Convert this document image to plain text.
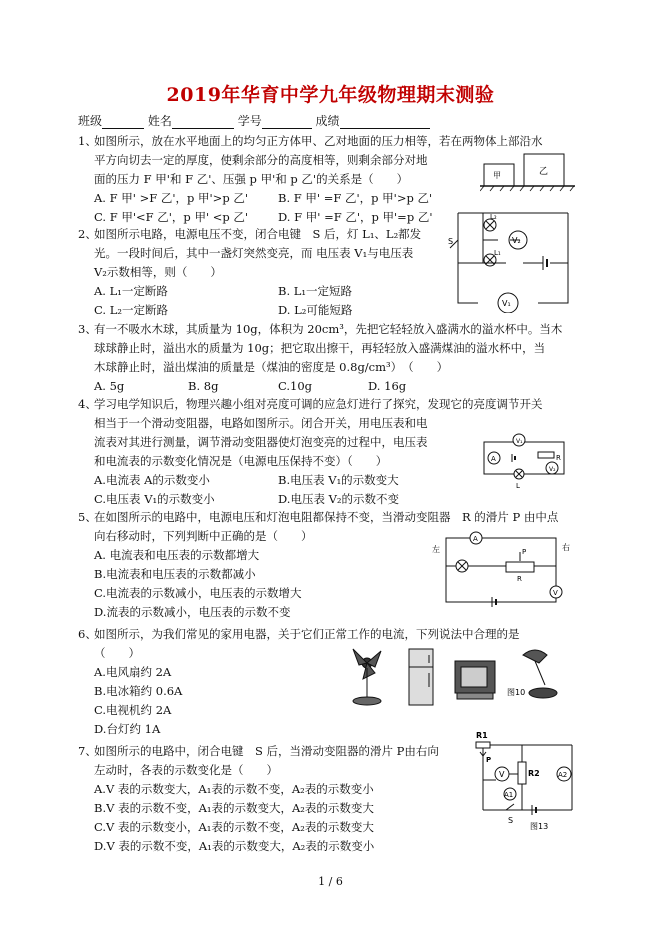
2019年华育中学九年级物理期末测验
班级	姓名	学号	成绩
1、
如图所示，放在水平地面上的均匀正方体甲、乙对地面的压力相等，若在两物体上部沿水
平方向切去一定的厚度，使剩余部分的高度相等，则剩余部分对地
面的压力 F 甲'和 F 乙'、压强 p 甲'和 p 乙'的关系是（　　）
A. F 甲' >F 乙'，p 甲'>p 乙'	B. F 甲' =F 乙'，p 甲'>p 乙'
C. F 甲'<F 乙'，p 甲' <p 乙'	D. F 甲' =F 乙'，p 甲'=p 乙'
甲	乙
2、
如图所示电路，电源电压不变，闭合电键　S 后，灯 L₁、L₂都发
光。一段时间后，其中一盏灯突然变亮，而 电压表 V₁与电压表
V₂示数相等，则（　　）
A. L₁一定断路	B. L₁一定短路
C. L₂一定断路	D. L₂可能短路
L₂
L₁
V₂
V₁
S
3、
有一不吸水木球，其质量为 10g，体积为 20cm³，先把它轻轻放入盛满水的溢水杯中。当木
球球静止时，溢出水的质量为 10g；把它取出擦干，再轻轻放入盛满煤油的溢水杯中，当
木球静止时，溢出煤油的质量是（煤油的密度是 0.8g/cm³）　（　　）
A. 5g	B. 8g	C.10g	D. 16g
4、
学习电学知识后，物理兴趣小组对亮度可调的应急灯进行了探究，发现它的亮度调节开关
相当于一个滑动变阻器，电路如图所示。闭合开关，用电压表和电
流表对其进行测量，调节滑动变阻器使灯泡变亮的过程中，电压表
和电流表的示数变化情况是（电源电压保持不变）（　　）
A.电流表 A的示数变小	B.电压表 V₁的示数变大
C.电压表 V₁的示数变小	D.电压表 V₂的示数不变
V₁
A
V₂
L
R
5、
在如图所示的电路中，电源电压和灯泡电阻都保持不变，当滑动变阻器　R 的滑片 P 由中点
向右移动时，下列判断中正确的是（　　）
A. 电流表和电压表的示数都增大
B.电流表和电压表的示数都减小
C.电流表的示数减小，电压表的示数增大
D.流表的示数减小，电压表的示数不变
左	右
A
P
R
V
6、
如图所示，为我们常见的家用电器，关于它们正常工作的电流，下列说法中合理的是
（　　）
A.电风扇约 2A
B.电冰箱约 0.6A
C.电视机约 2A
D.台灯约 1A
图10
7、
如图所示的电路中，闭合电键　S 后，当滑动变阻器的滑片 P由右向
左动时，各表的示数变化是（　　）
A.V 表的示数变大，A₁表的示数不变，A₂表的示数变小
B.V 表的示数不变，A₁表的示数变大，A₂表的示数变大
C.V 表的示数变小，A₁表的示数不变，A₂表的示数变大
D.V 表的示数不变，A₁表的示数变大，A₂表的示数变小
R1
P
V	R2	A2
A1
S
图13
1 / 6
